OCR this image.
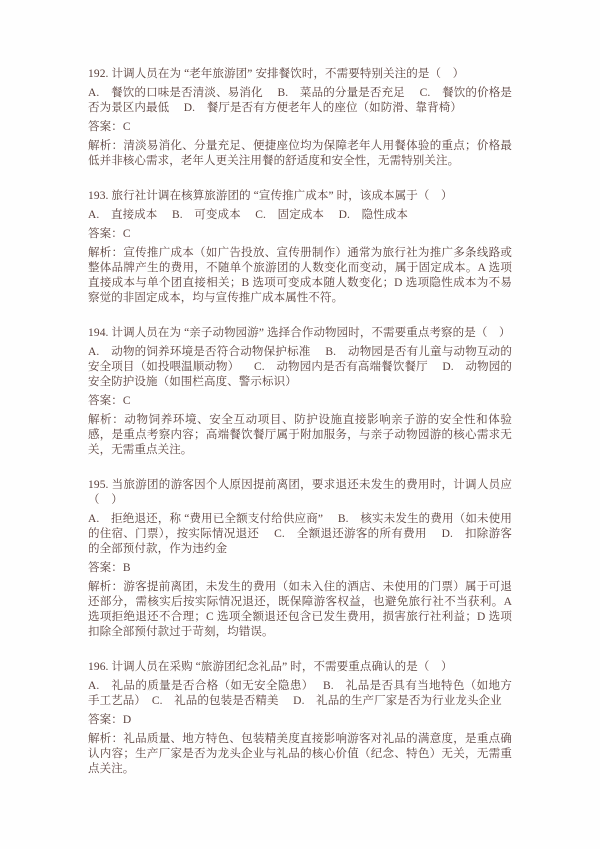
192. 计调人员在为 “老年旅游团” 安排餐饮时，不需要特别关注的是（　）

A.　餐饮的口味是否清淡、易消化　 B.　菜品的分量是否充足 　C.　餐饮的价格是否为景区内最低　 D.　餐厅是否有方便老年人的座位（如防滑、靠背椅）

答案：C

解析：清淡易消化、分量充足、便捷座位均为保障老年人用餐体验的重点；价格最低并非核心需求，老年人更关注用餐的舒适度和安全性，无需特别关注。

193. 旅行社计调在核算旅游团的 “宣传推广成本” 时，该成本属于（　）

A.　直接成本 　B.　可变成本 　C.　固定成本 　D.　隐性成本

答案：C

解析：宣传推广成本（如广告投放、宣传册制作）通常为旅行社为推广多条线路或整体品牌产生的费用，不随单个旅游团的人数变化而变动，属于固定成本。A 选项直接成本与单个团直接相关；B 选项可变成本随人数变化；D 选项隐性成本为不易察觉的非固定成本，均与宣传推广成本属性不符。

194. 计调人员在为 “亲子动物园游” 选择合作动物园时，不需要重点考察的是（　）

A.　动物的饲养环境是否符合动物保护标准 　B.　动物园是否有儿童与动物互动的安全项目（如投喂温顺动物） 　C.　动物园内是否有高端餐饮餐厅 　D.　动物园的安全防护设施（如围栏高度、警示标识）

答案：C

解析：动物饲养环境、安全互动项目、防护设施直接影响亲子游的安全性和体验感，是重点考察内容；高端餐饮餐厅属于附加服务，与亲子动物园游的核心需求无关，无需重点关注。

195. 当旅游团的游客因个人原因提前离团，要求退还未发生的费用时，计调人员应（　）

A.　拒绝退还，称 “费用已全额支付给供应商” 　B.　核实未发生的费用（如未使用的住宿、门票），按实际情况退还 　C.　全额退还游客的所有费用 　D.　扣除游客的全部预付款，作为违约金

答案：B

解析：游客提前离团，未发生的费用（如未入住的酒店、未使用的门票）属于可退还部分，需核实后按实际情况退还，既保障游客权益，也避免旅行社不当获利。A 选项拒绝退还不合理；C 选项全额退还包含已发生费用，损害旅行社利益；D 选项扣除全部预付款过于苛刻，均错误。

196. 计调人员在采购 “旅游团纪念礼品” 时，不需要重点确认的是（　）

A.　礼品的质量是否合格（如无安全隐患）　 B.　礼品是否具有当地特色（如地方手工艺品）　C.　礼品的包装是否精美 　D.　礼品的生产厂家是否为行业龙头企业

答案：D

解析：礼品质量、地方特色、包装精美度直接影响游客对礼品的满意度，是重点确认内容；生产厂家是否为龙头企业与礼品的核心价值（纪念、特色）无关，无需重点关注。
